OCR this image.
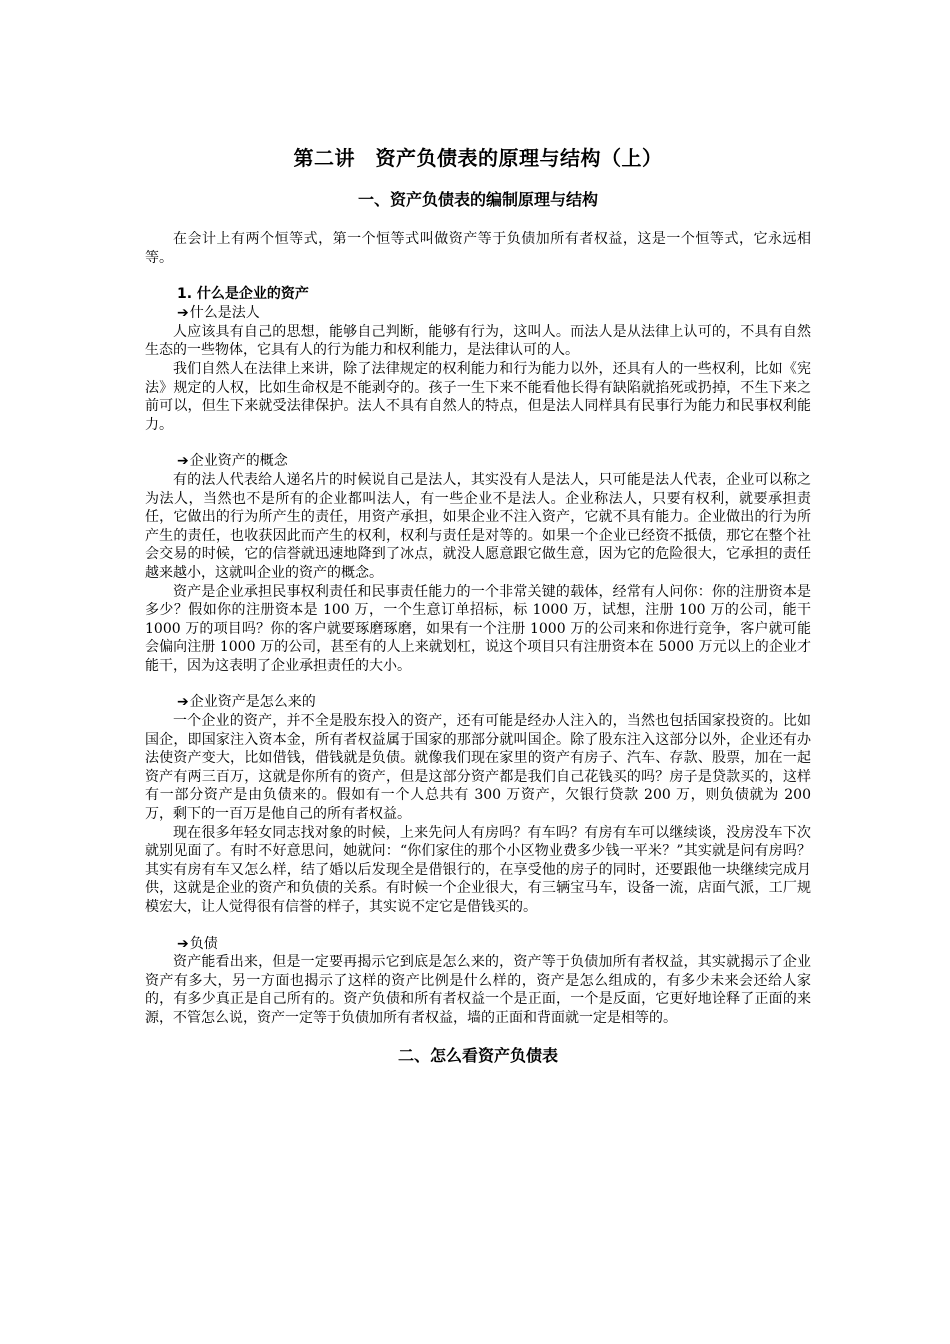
第二讲　资产负债表的原理与结构（上）
一、资产负债表的编制原理与结构

在会计上有两个恒等式，第一个恒等式叫做资产等于负债加所有者权益，这是一个恒等式，它永远相等。

1. 什么是企业的资产
➔什么是法人

人应该具有自己的思想，能够自己判断，能够有行为，这叫人。而法人是从法律上认可的，不具有自然生态的一些物体，它具有人的行为能力和权利能力，是法律认可的人。

我们自然人在法律上来讲，除了法律规定的权利能力和行为能力以外，还具有人的一些权利，比如《宪法》规定的人权，比如生命权是不能剥夺的。孩子一生下来不能看他长得有缺陷就掐死或扔掉，不生下来之前可以，但生下来就受法律保护。法人不具有自然人的特点，但是法人同样具有民事行为能力和民事权利能力。

➔企业资产的概念

有的法人代表给人递名片的时候说自己是法人，其实没有人是法人，只可能是法人代表，企业可以称之为法人，当然也不是所有的企业都叫法人，有一些企业不是法人。企业称法人，只要有权利，就要承担责任，它做出的行为所产生的责任，用资产承担，如果企业不注入资产，它就不具有能力。企业做出的行为所产生的责任，也收获因此而产生的权利，权利与责任是对等的。如果一个企业已经资不抵债，那它在整个社会交易的时候，它的信誉就迅速地降到了冰点，就没人愿意跟它做生意，因为它的危险很大，它承担的责任越来越小，这就叫企业的资产的概念。

资产是企业承担民事权利责任和民事责任能力的一个非常关键的载体，经常有人问你：你的注册资本是多少？假如你的注册资本是 100 万，一个生意订单招标，标 1000 万，试想，注册 100 万的公司，能干 1000 万的项目吗？你的客户就要琢磨琢磨，如果有一个注册 1000 万的公司来和你进行竞争，客户就可能会偏向注册 1000 万的公司，甚至有的人上来就划杠，说这个项目只有注册资本在 5000 万元以上的企业才能干，因为这表明了企业承担责任的大小。

➔企业资产是怎么来的

一个企业的资产，并不全是股东投入的资产，还有可能是经办人注入的，当然也包括国家投资的。比如国企，即国家注入资本金，所有者权益属于国家的那部分就叫国企。除了股东注入这部分以外，企业还有办法使资产变大，比如借钱，借钱就是负债。就像我们现在家里的资产有房子、汽车、存款、股票，加在一起资产有两三百万，这就是你所有的资产，但是这部分资产都是我们自己花钱买的吗？房子是贷款买的，这样有一部分资产是由负债来的。假如有一个人总共有 300 万资产，欠银行贷款 200 万，则负债就为 200 万，剩下的一百万是他自己的所有者权益。

现在很多年轻女同志找对象的时候，上来先问人有房吗？有车吗？有房有车可以继续谈，没房没车下次就别见面了。有时不好意思问，她就问：“你们家住的那个小区物业费多少钱一平米？”其实就是问有房吗？其实有房有车又怎么样，结了婚以后发现全是借银行的，在享受他的房子的同时，还要跟他一块继续完成月供，这就是企业的资产和负债的关系。有时候一个企业很大，有三辆宝马车，设备一流，店面气派，工厂规模宏大，让人觉得很有信誉的样子，其实说不定它是借钱买的。

➔负债

资产能看出来，但是一定要再揭示它到底是怎么来的，资产等于负债加所有者权益，其实就揭示了企业资产有多大，另一方面也揭示了这样的资产比例是什么样的，资产是怎么组成的，有多少未来会还给人家的，有多少真正是自己所有的。资产负债和所有者权益一个是正面，一个是反面，它更好地诠释了正面的来源，不管怎么说，资产一定等于负债加所有者权益，墙的正面和背面就一定是相等的。

二、怎么看资产负债表
